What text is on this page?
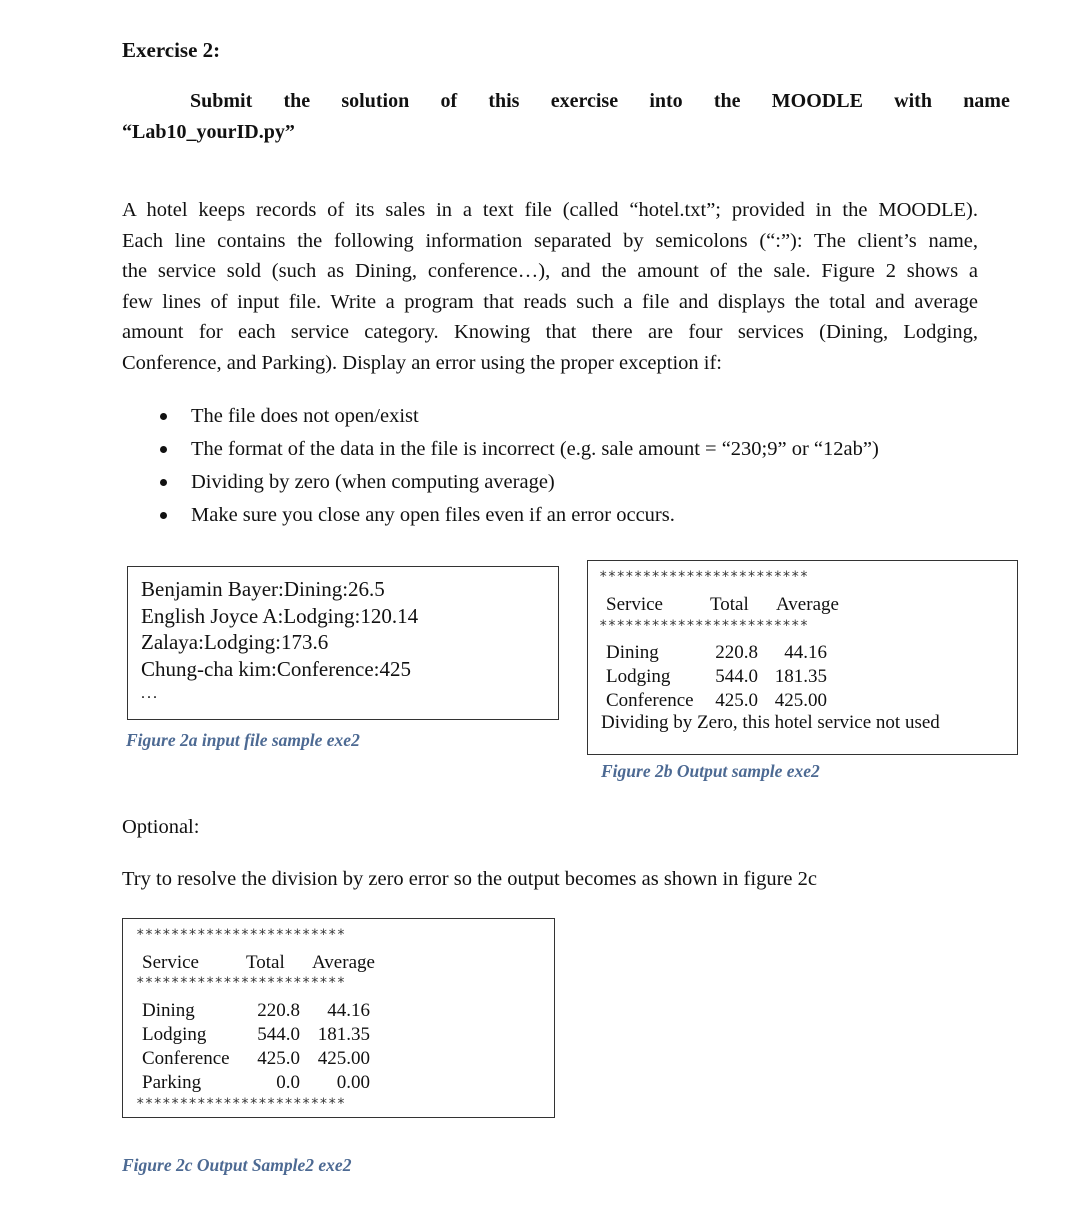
Exercise 2:
Submit the solution of this exercise into the MOODLE with name
“Lab10_yourID.py”
A hotel keeps records of its sales in a text file (called “hotel.txt”; provided in the MOODLE).
Each line contains the following information separated by semicolons (“:”): The client’s name,
the service sold (such as Dining, conference…), and the amount of the sale. Figure 2 shows a
few lines of input file. Write a program that reads such a file and displays the total and average
amount for each service category. Knowing that there are four services (Dining, Lodging,
Conference, and Parking). Display an error using the proper exception if:
The file does not open/exist
The format of the data in the file is incorrect (e.g. sale amount = “230;9” or “12ab”)
Dividing by zero (when computing average)
Make sure you close any open files even if an error occurs.
Benjamin Bayer:Dining:26.5
English Joyce A:Lodging:120.14
Zalaya:Lodging:173.6
Chung-cha kim:Conference:425
...
Figure 2a input file sample exe2
************************
Service	Total	Average
************************
Dining	220.8	44.16
Lodging	544.0	181.35
Conference	425.0	425.00
Dividing by Zero, this hotel service not used
Figure 2b Output sample exe2
Optional:
Try to resolve the division by zero error so the output becomes as shown in figure 2c
************************
Service	Total	Average
************************
Dining	220.8	44.16
Lodging	544.0	181.35
Conference	425.0	425.00
Parking	0.0	0.00
************************
Figure 2c Output Sample2 exe2
